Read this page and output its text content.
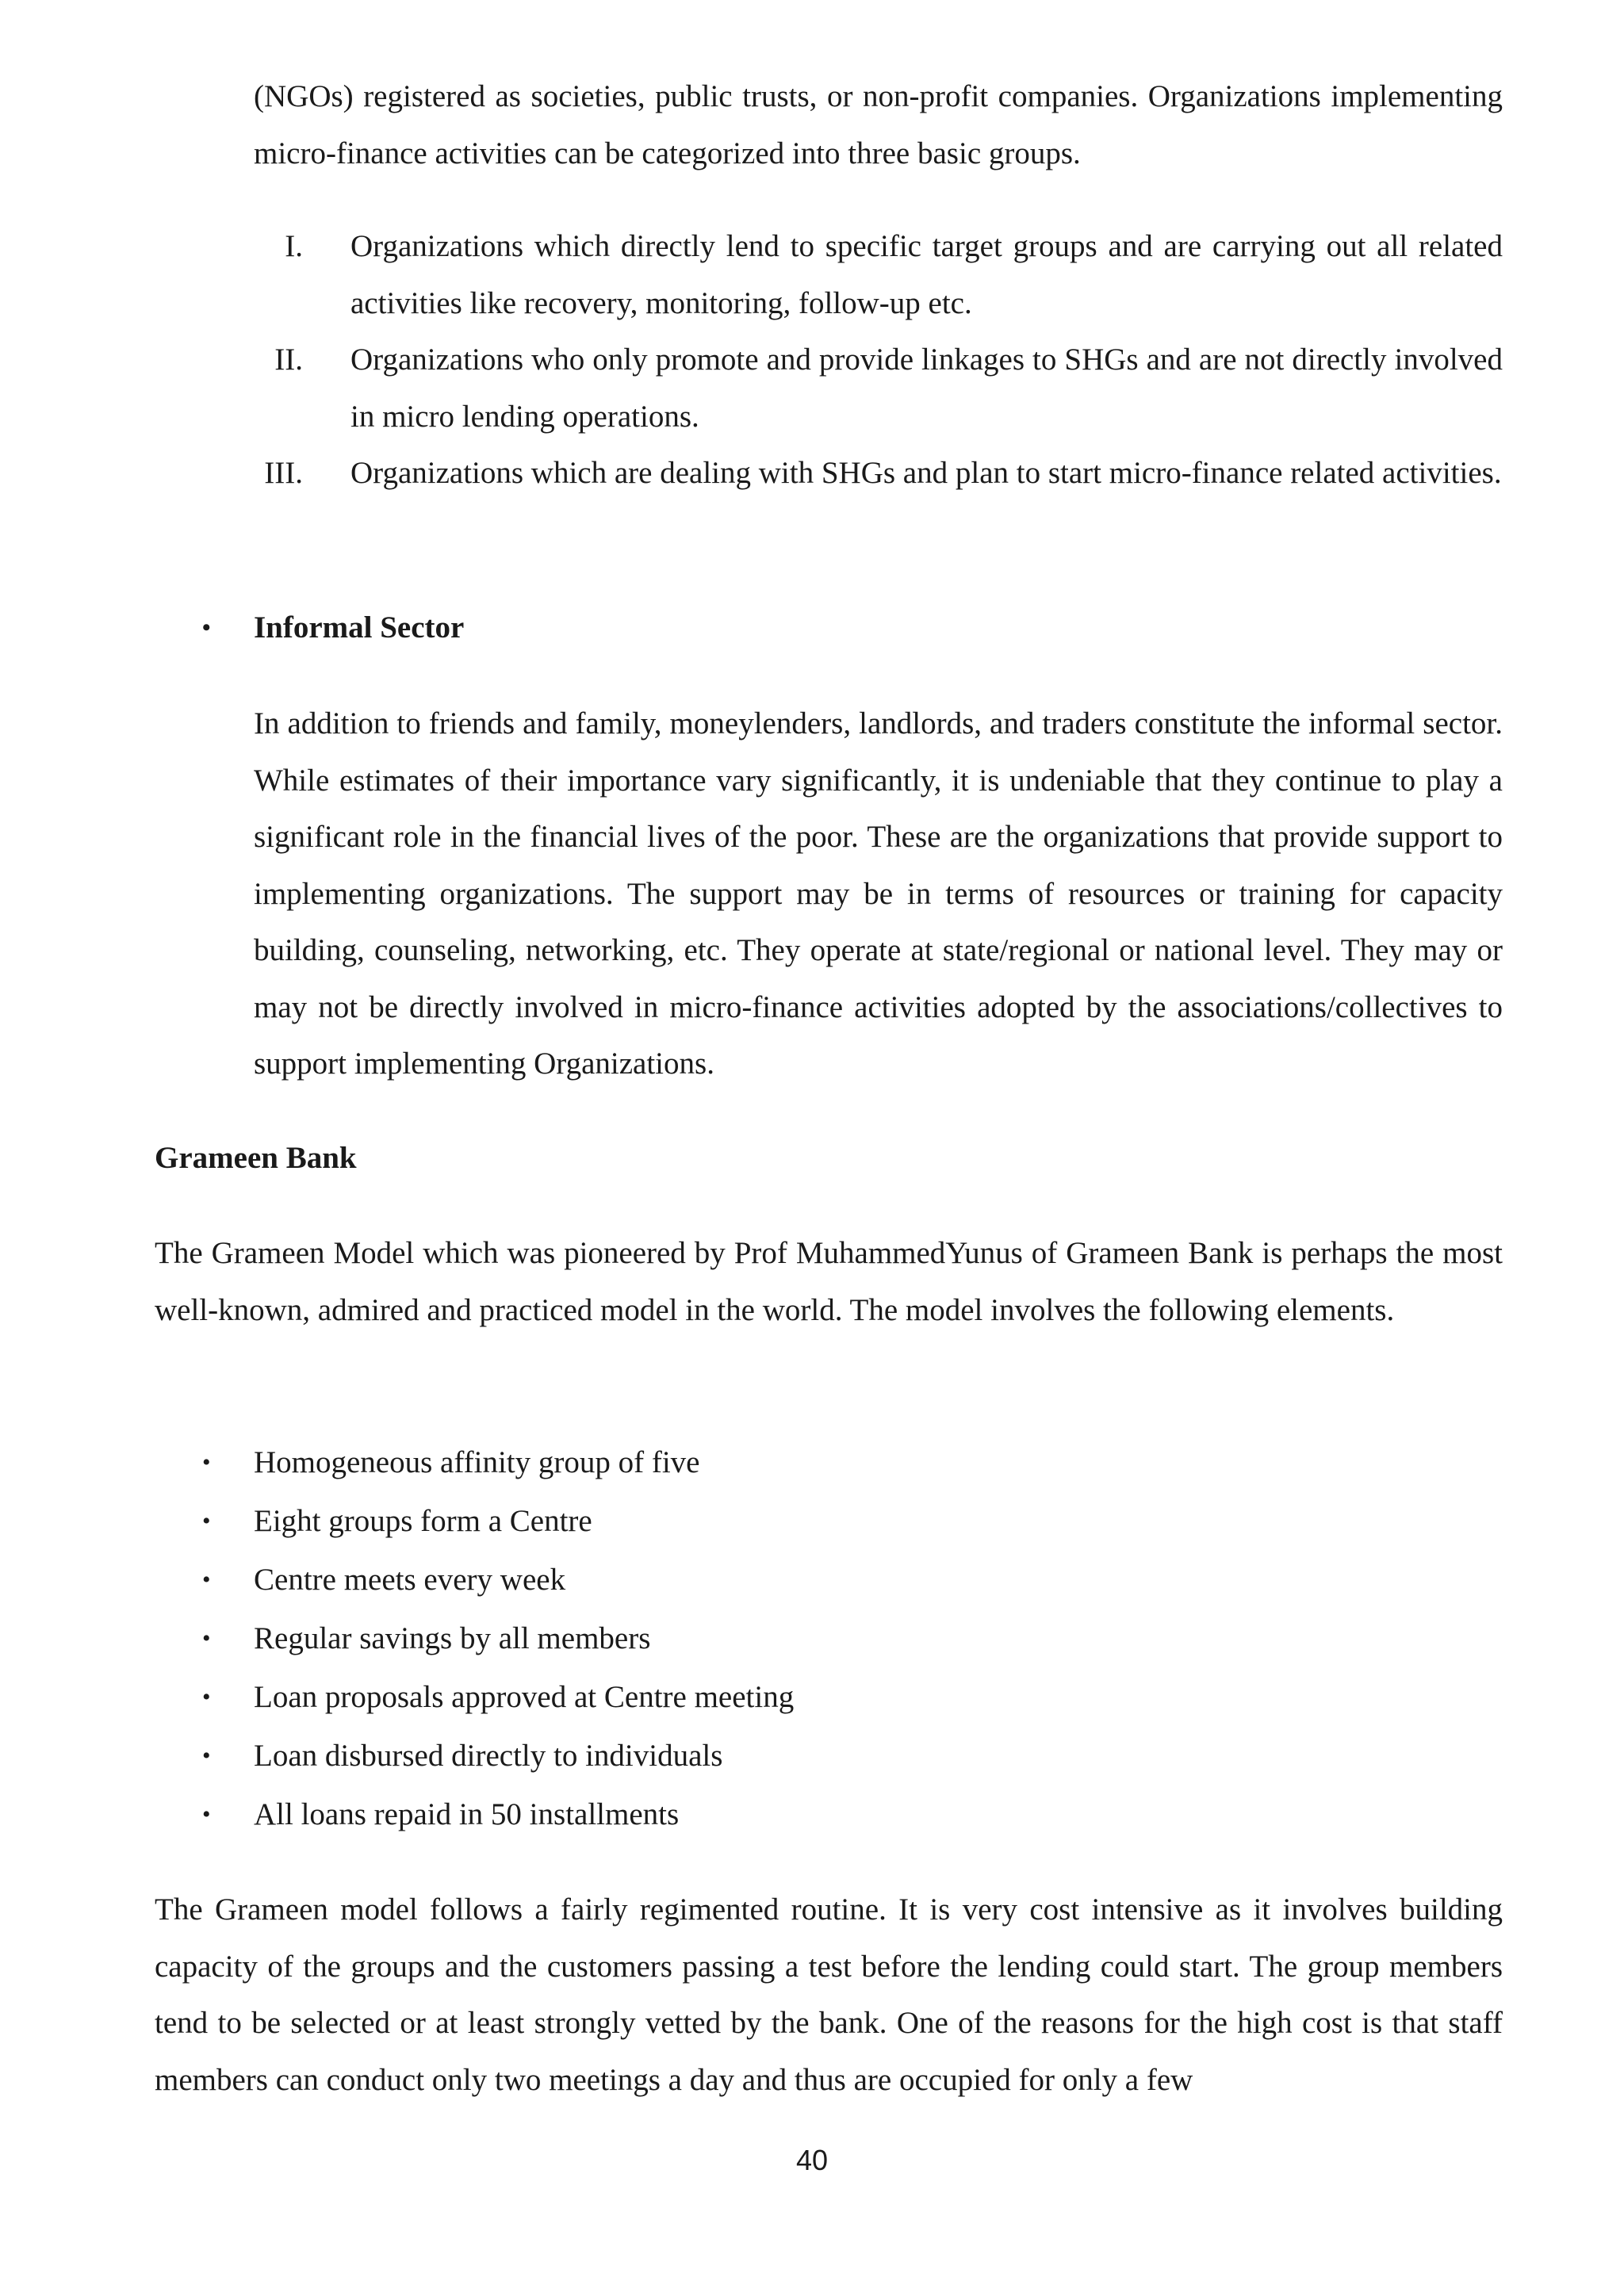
(NGOs) registered as societies, public trusts, or non-profit companies. Organizations implementing micro-finance activities can be categorized into three basic groups.

I. Organizations which directly lend to specific target groups and are carrying out all related activities like recovery, monitoring, follow-up etc.
II. Organizations who only promote and provide linkages to SHGs and are not directly involved in micro lending operations.
III. Organizations which are dealing with SHGs and plan to start micro-finance related activities.
• Informal Sector

In addition to friends and family, moneylenders, landlords, and traders constitute the informal sector. While estimates of their importance vary significantly, it is undeniable that they continue to play a significant role in the financial lives of the poor. These are the organizations that provide support to implementing organizations. The support may be in terms of resources or training for capacity building, counseling, networking, etc. They operate at state/regional or national level. They may or may not be directly involved in micro-finance activities adopted by the associations/collectives to support implementing Organizations.

Grameen Bank

The Grameen Model which was pioneered by Prof MuhammedYunus of Grameen Bank is perhaps the most well-known, admired and practiced model in the world. The model involves the following elements.

• Homogeneous affinity group of five
• Eight groups form a Centre
• Centre meets every week
• Regular savings by all members
• Loan proposals approved at Centre meeting
• Loan disbursed directly to individuals
• All loans repaid in 50 installments

The Grameen model follows a fairly regimented routine. It is very cost intensive as it involves building capacity of the groups and the customers passing a test before the lending could start. The group members tend to be selected or at least strongly vetted by the bank. One of the reasons for the high cost is that staff members can conduct only two meetings a day and thus are occupied for only a few

40
